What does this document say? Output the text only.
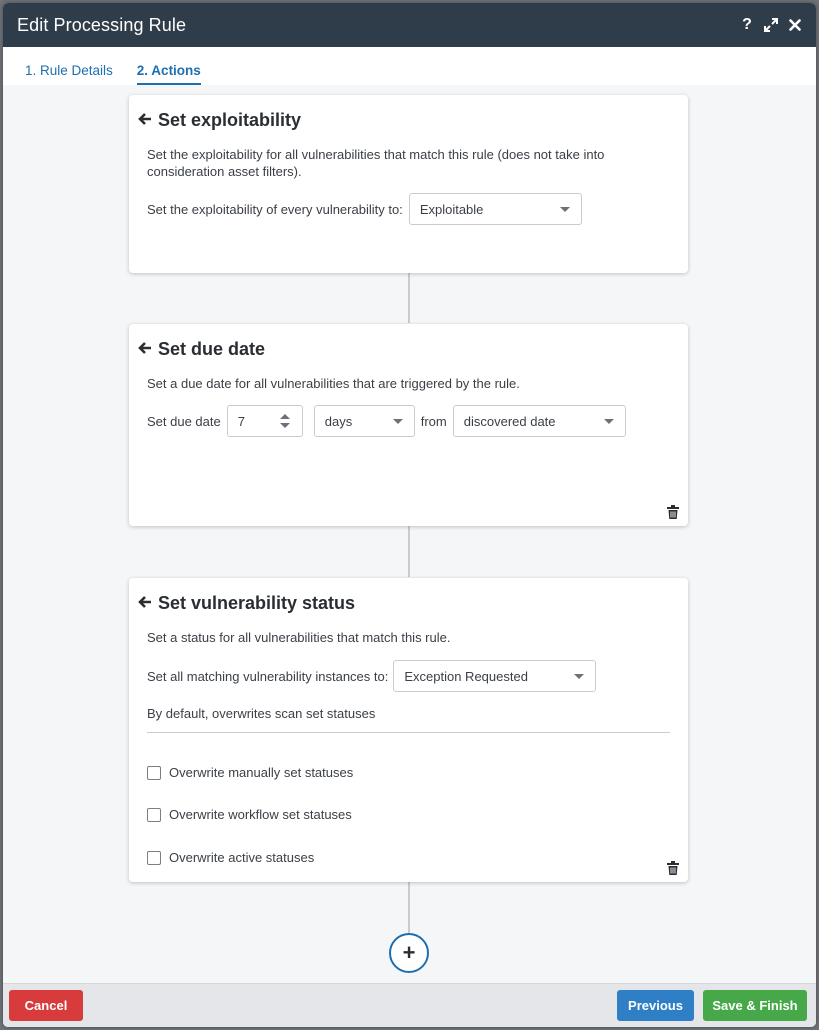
Edit Processing Rule	?
1. Rule Details 2. Actions
Set exploitability

Set the exploitability for all vulnerabilities that match this rule (does not take into consideration asset filters).

Set the exploitability of every vulnerability to: Exploitable
Set due date

Set a due date for all vulnerabilities that are triggered by the rule.

Set due date 7	days	from discovered date
Set vulnerability status

Set a status for all vulnerabilities that match this rule.

Set all matching vulnerability instances to: Exception Requested

By default, overwrites scan set statuses

Overwrite manually set statuses
Overwrite workflow set statuses
Overwrite active statuses
+
Cancel	Previous	Save & Finish
